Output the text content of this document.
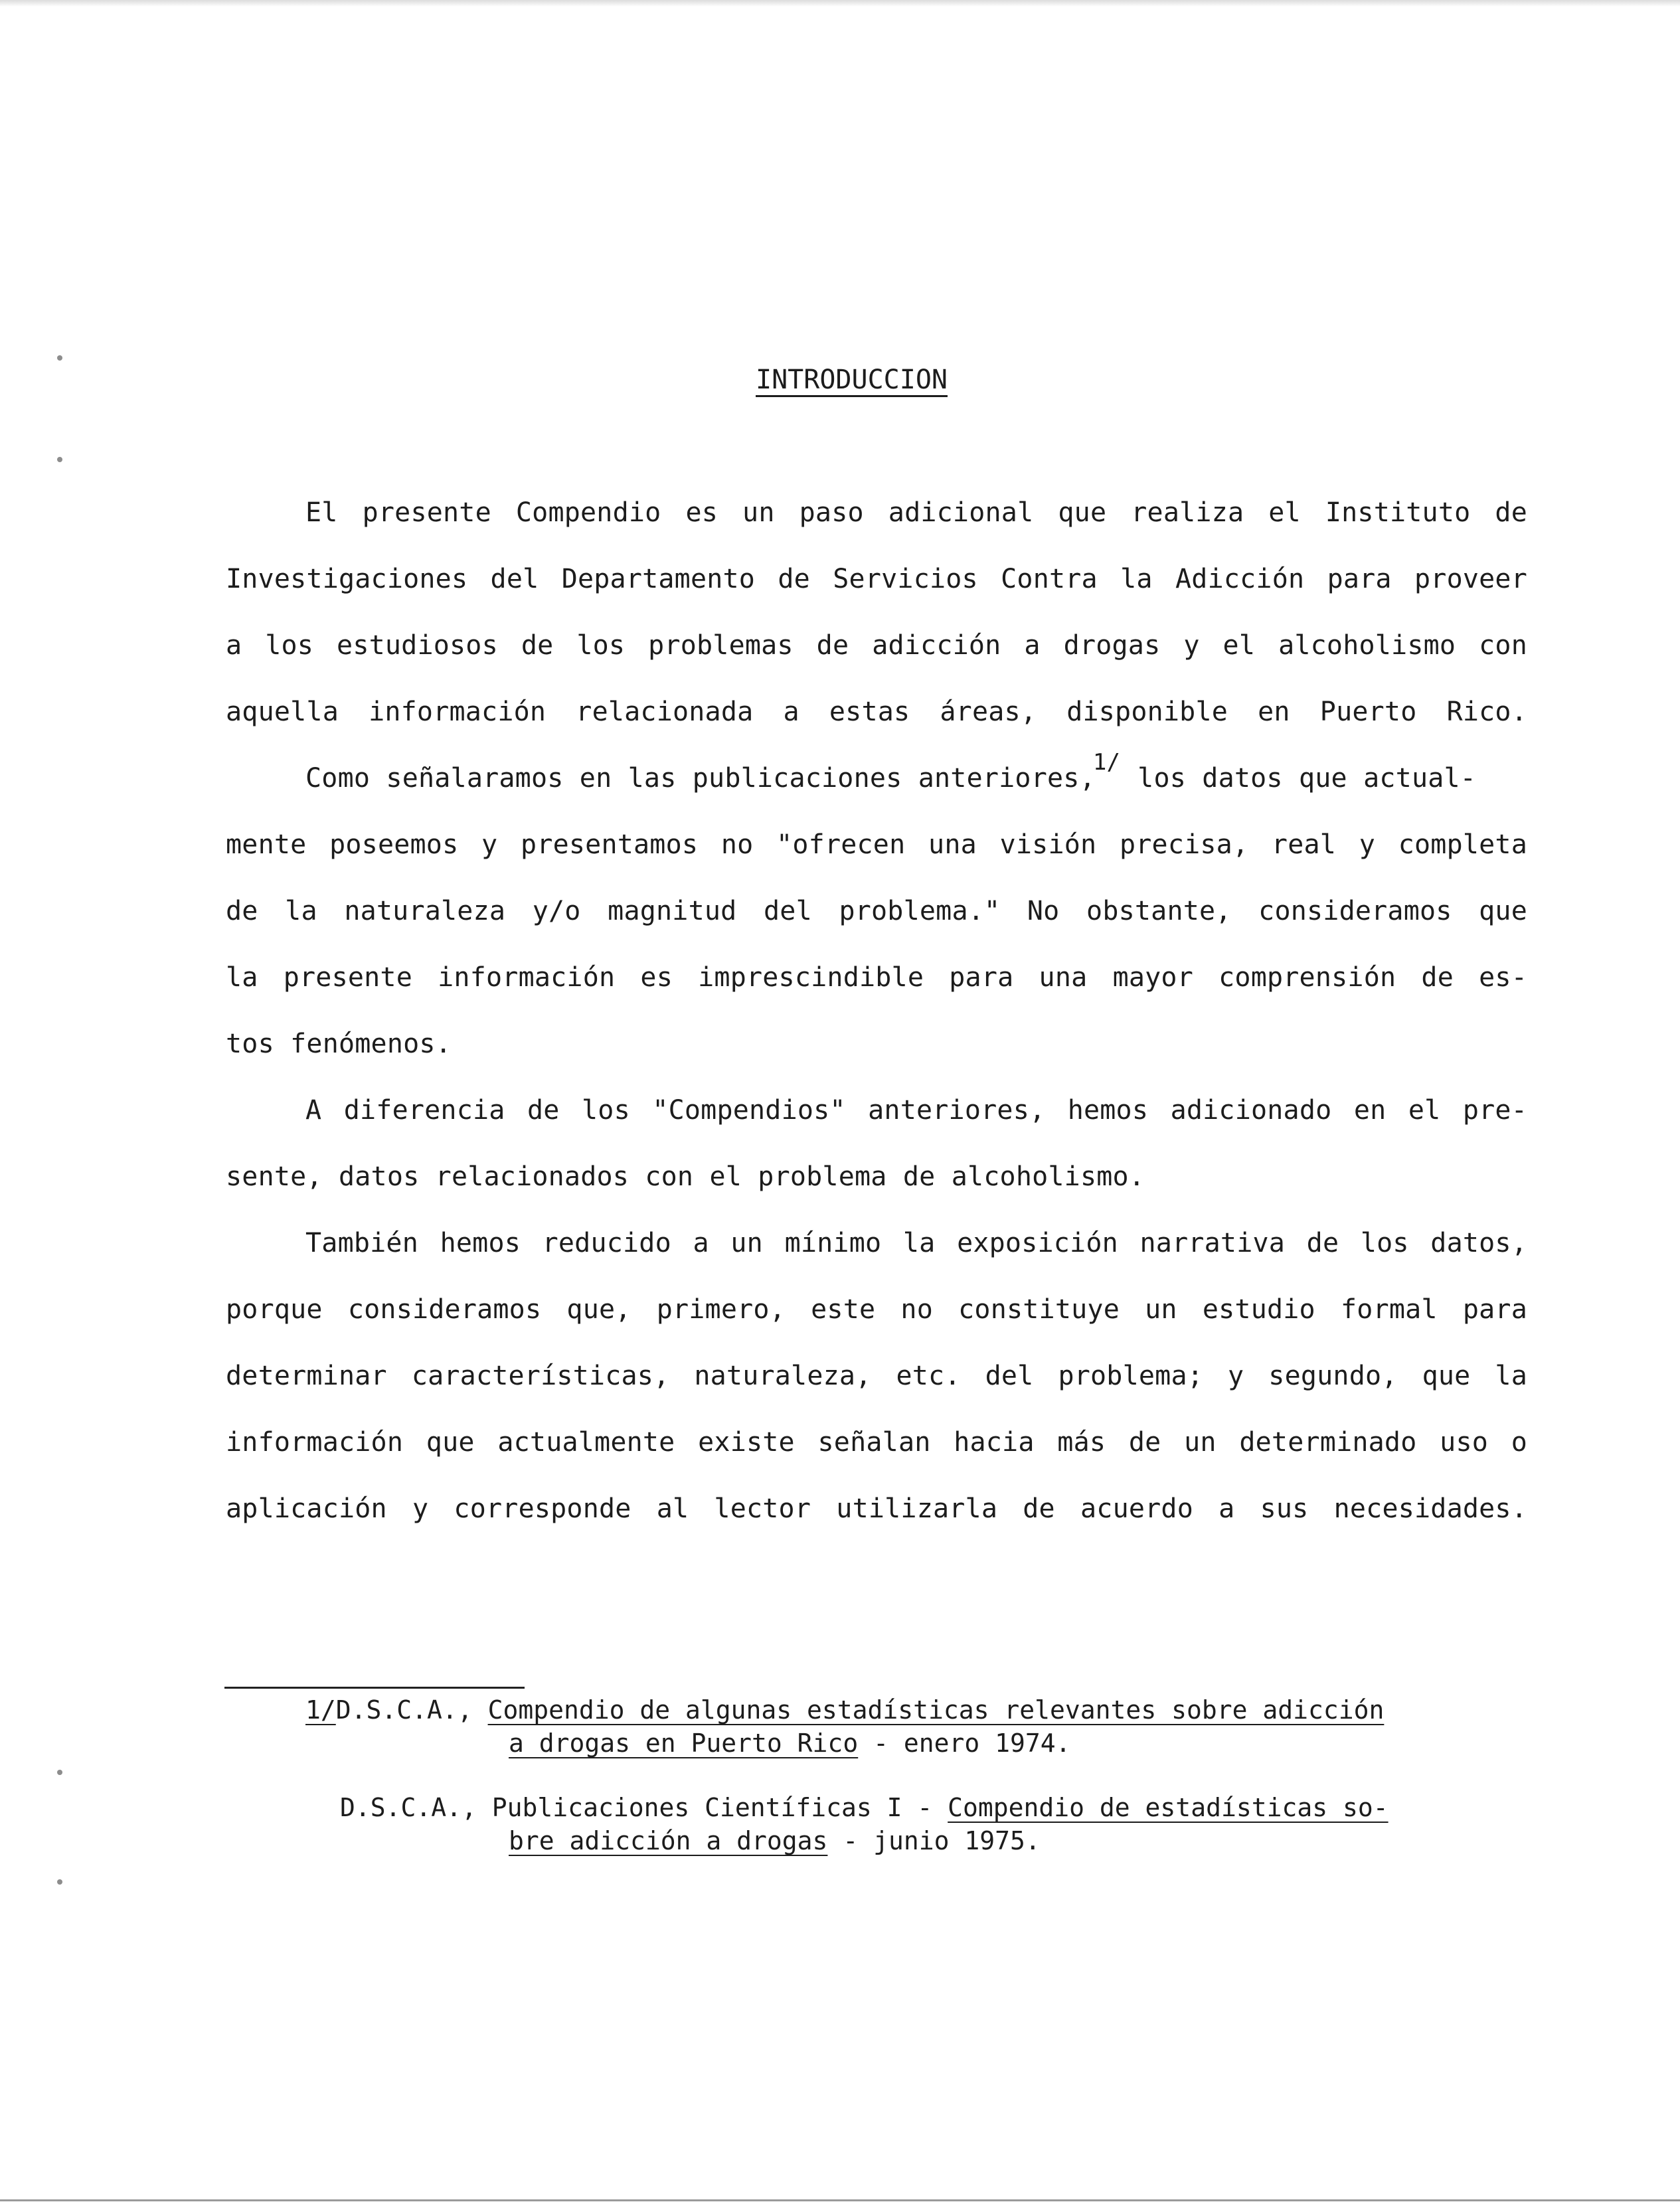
INTRODUCCION
El presente Compendio es un paso adicional que realiza el Instituto de
Investigaciones del Departamento de Servicios Contra la Adicción para proveer
a los estudiosos de los problemas de adicción a drogas y el alcoholismo con
aquella información relacionada a estas áreas, disponible en Puerto Rico.
Como señalaramos en las publicaciones anteriores,$^{1/}$los datos que actual-
mente poseemos y presentamos no "ofrecen una visión precisa, real y completa
de la naturaleza y/o magnitud del problema." No obstante, consideramos que
la presente información es imprescindible para una mayor comprensión de es-
tos fenómenos.
A diferencia de los "Compendios" anteriores, hemos adicionado en el pre-
sente, datos relacionados con el problema de alcoholismo.
También hemos reducido a un mínimo la exposición narrativa de los datos,
porque consideramos que, primero, este no constituye un estudio formal para
determinar características, naturaleza, etc. del problema; y segundo, que la
información que actualmente existe señalan hacia más de un determinado uso o
aplicación y corresponde al lector utilizarla de acuerdo a sus necesidades.
1/D.S.C.A., Compendio de algunas estadísticas relevantes sobre adicción
a drogas en Puerto Rico - enero 1974.
D.S.C.A., Publicaciones Científicas I - Compendio de estadísticas so-
bre adicción a drogas - junio 1975.
